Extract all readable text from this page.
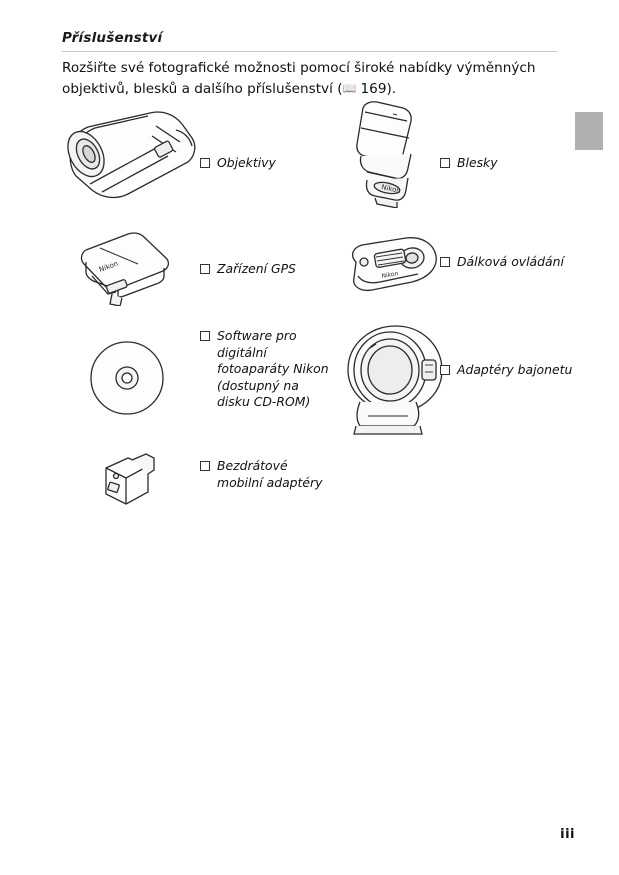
Příslušenství
Rozšiřte své fotografické možnosti pomocí široké nabídky výměnných objektivů, blesků a dalšího příslušenství (📖 169).
Objektivy
Nikon
Blesky
Nikon	Zařízení GPS	Nikon
Dálková ovládání
Software pro digitální fotoaparáty Nikon (dostupný na disku CD-ROM)
Adaptéry bajonetu
Bezdrátové mobilní adaptéry
iii
